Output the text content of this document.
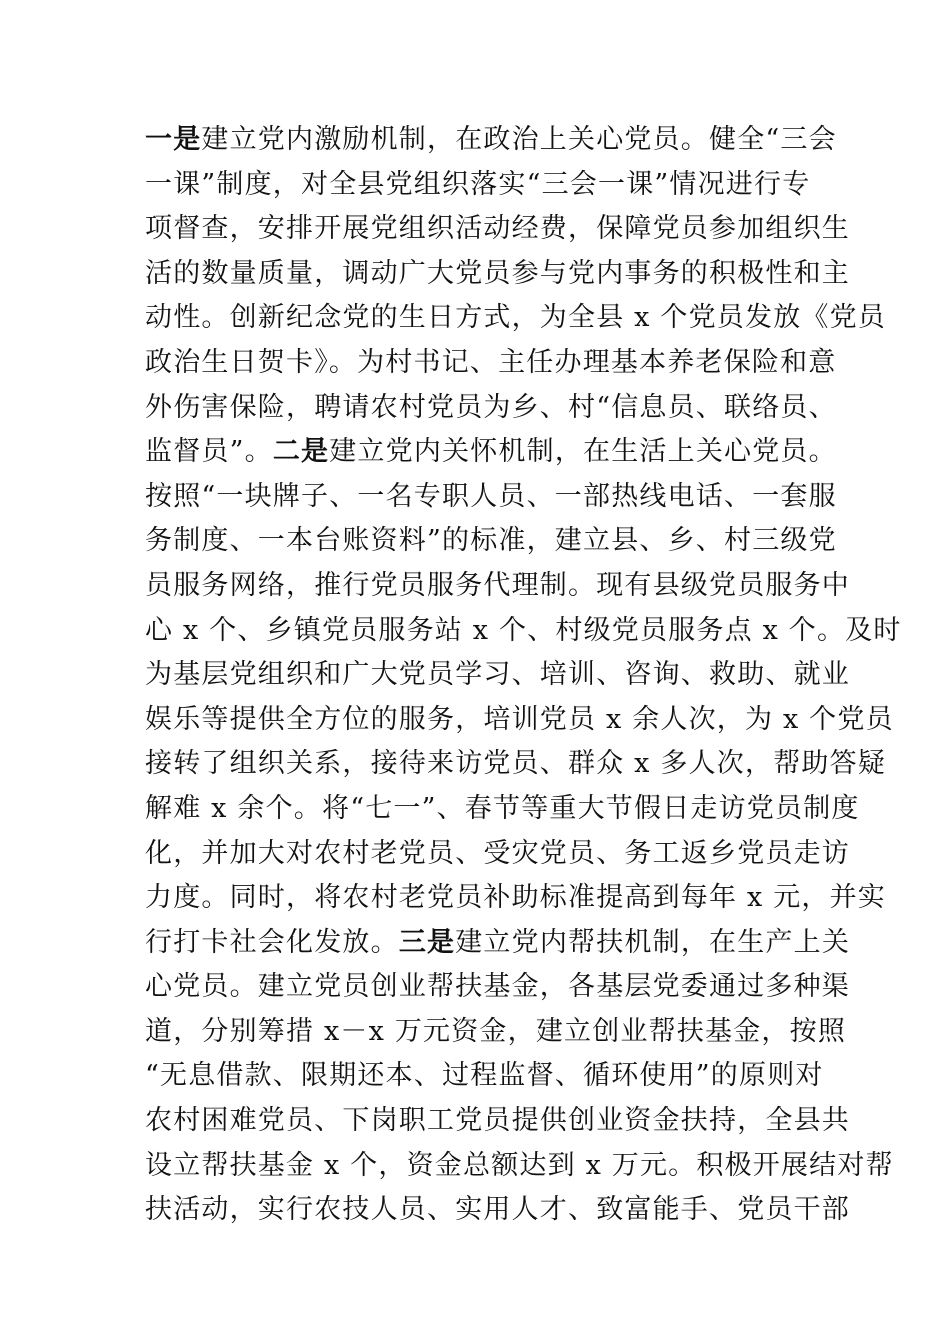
一是建立党内激励机制，在政治上关心党员。健全“三会
一课”制度，对全县党组织落实“三会一课”情况进行专
项督查，安排开展党组织活动经费，保障党员参加组织生
活的数量质量，调动广大党员参与党内事务的积极性和主
动性。创新纪念党的生日方式，为全县 x 个党员发放《党员
政治生日贺卡》。为村书记、主任办理基本养老保险和意
外伤害保险，聘请农村党员为乡、村“信息员、联络员、
监督员”。二是建立党内关怀机制，在生活上关心党员。
按照“一块牌子、一名专职人员、一部热线电话、一套服
务制度、一本台账资料”的标准，建立县、乡、村三级党
员服务网络，推行党员服务代理制。现有县级党员服务中
心 x 个、乡镇党员服务站 x 个、村级党员服务点 x 个。及时
为基层党组织和广大党员学习、培训、咨询、救助、就业
娱乐等提供全方位的服务，培训党员 x 余人次，为 x 个党员
接转了组织关系，接待来访党员、群众 x 多人次，帮助答疑
解难 x 余个。将“七一”、春节等重大节假日走访党员制度
化，并加大对农村老党员、受灾党员、务工返乡党员走访
力度。同时，将农村老党员补助标准提高到每年 x 元，并实
行打卡社会化发放。三是建立党内帮扶机制，在生产上关
心党员。建立党员创业帮扶基金，各基层党委通过多种渠
道，分别筹措 x－x 万元资金，建立创业帮扶基金，按照
“无息借款、限期还本、过程监督、循环使用”的原则对
农村困难党员、下岗职工党员提供创业资金扶持，全县共
设立帮扶基金 x 个，资金总额达到 x 万元。积极开展结对帮
扶活动，实行农技人员、实用人才、致富能手、党员干部
